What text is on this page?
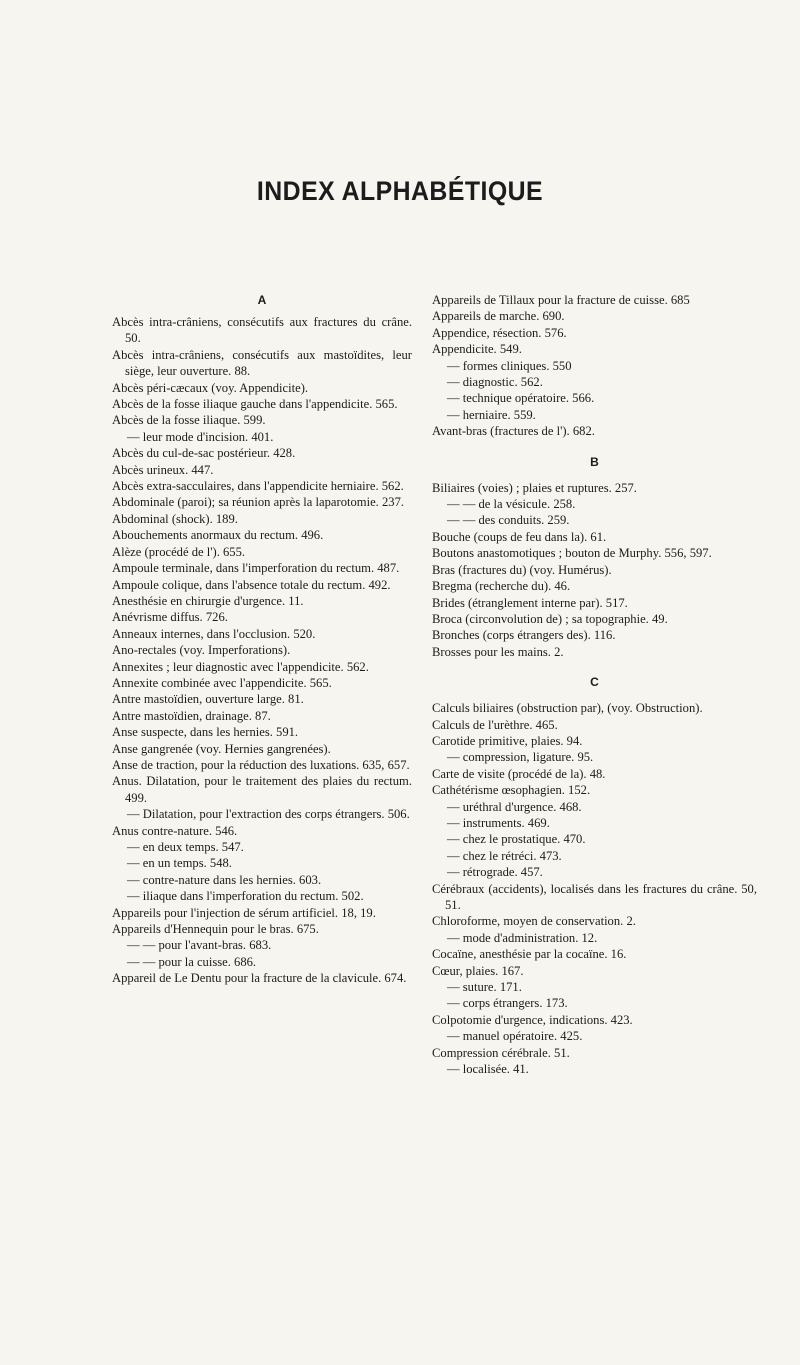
INDEX ALPHABÉTIQUE
A
Abcès intra-crâniens, consécutifs aux fractures du crâne. 50.
Abcès intra-crâniens, consécutifs aux mastoïdites, leur siège, leur ouverture. 88.
Abcès péri-cæcaux (voy. Appendicite).
Abcès de la fosse iliaque gauche dans l'appendicite. 565.
Abcès de la fosse iliaque. 599.
— leur mode d'incision. 401.
Abcès du cul-de-sac postérieur. 428.
Abcès urineux. 447.
Abcès extra-sacculaires, dans l'appendicite herniaire. 562.
Abdominale (paroi); sa réunion après la laparotomie. 237.
Abdominal (shock). 189.
Abouchements anormaux du rectum. 496.
Alèze (procédé de l'). 655.
Ampoule terminale, dans l'imperforation du rectum. 487.
Ampoule colique, dans l'absence totale du rectum. 492.
Anesthésie en chirurgie d'urgence. 11.
Anévrisme diffus. 726.
Anneaux internes, dans l'occlusion. 520.
Ano-rectales (voy. Imperforations).
Annexites ; leur diagnostic avec l'appendicite. 562.
Annexite combinée avec l'appendicite. 565.
Antre mastoïdien, ouverture large. 81.
Antre mastoïdien, drainage. 87.
Anse suspecte, dans les hernies. 591.
Anse gangrenée (voy. Hernies gangrenées).
Anse de traction, pour la réduction des luxations. 635, 657.
Anus. Dilatation, pour le traitement des plaies du rectum. 499.
— Dilatation, pour l'extraction des corps étrangers. 506.
Anus contre-nature. 546.
— en deux temps. 547.
— en un temps. 548.
— contre-nature dans les hernies. 603.
— iliaque dans l'imperforation du rectum. 502.
Appareils pour l'injection de sérum artificiel. 18, 19.
Appareils d'Hennequin pour le bras. 675.
— — pour l'avant-bras. 683.
— — pour la cuisse. 686.
Appareil de Le Dentu pour la fracture de la clavicule. 674.
Appareils de Tillaux pour la fracture de cuisse. 685
Appareils de marche. 690.
Appendice, résection. 576.
Appendicite. 549.
— formes cliniques. 550
— diagnostic. 562.
— technique opératoire. 566.
— herniaire. 559.
Avant-bras (fractures de l'). 682.
B
Biliaires (voies) ; plaies et ruptures. 257.
— — de la vésicule. 258.
— — des conduits. 259.
Bouche (coups de feu dans la). 61.
Boutons anastomotiques ; bouton de Murphy. 556, 597.
Bras (fractures du) (voy. Humérus).
Bregma (recherche du). 46.
Brides (étranglement interne par). 517.
Broca (circonvolution de) ; sa topographie. 49.
Bronches (corps étrangers des). 116.
Brosses pour les mains. 2.
C
Calculs biliaires (obstruction par), (voy. Obstruction).
Calculs de l'urèthre. 465.
Carotide primitive, plaies. 94.
— compression, ligature. 95.
Carte de visite (procédé de la). 48.
Cathétérisme œsophagien. 152.
— uréthral d'urgence. 468.
— instruments. 469.
— chez le prostatique. 470.
— chez le rétréci. 473.
— rétrograde. 457.
Cérébraux (accidents), localisés dans les fractures du crâne. 50, 51.
Chloroforme, moyen de conservation. 2.
— mode d'administration. 12.
Cocaïne, anesthésie par la cocaïne. 16.
Cœur, plaies. 167.
— suture. 171.
— corps étrangers. 173.
Colpotomie d'urgence, indications. 423.
— manuel opératoire. 425.
Compression cérébrale. 51.
— localisée. 41.
